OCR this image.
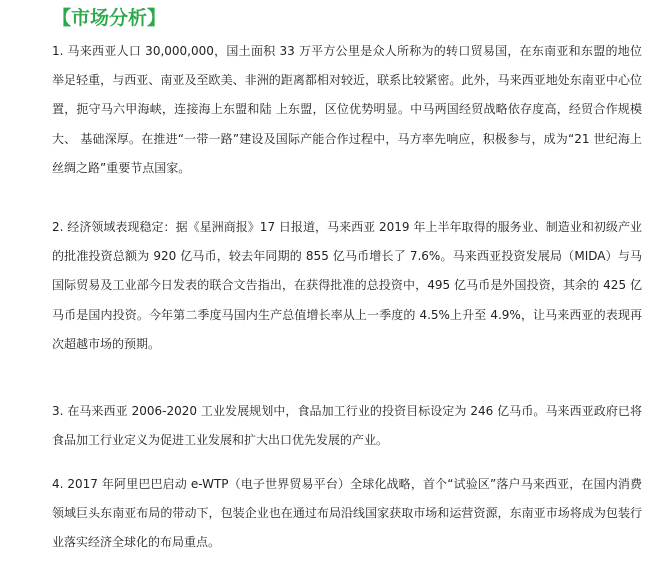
【市场分析】

1. 马来西亚人口 30,000,000，国土面积 33 万平方公里是众人所称为的转口贸易国，在东南亚和东盟的地位举足轻重，与西亚、南亚及至欧美、非洲的距离都相对较近，联系比较紧密。此外，马来西亚地处东南亚中心位置，扼守马六甲海峡，连接海上东盟和陆 上东盟，区位优势明显。中马两国经贸战略依存度高，经贸合作规模大、 基础深厚。在推进“一带一路”建设及国际产能合作过程中，马方率先响应，积极参与，成为“21 世纪海上丝绸之路”重要节点国家。

2. 经济领域表现稳定：据《星洲商报》17 日报道，马来西亚 2019 年上半年取得的服务业、制造业和初级产业的批准投资总额为 920 亿马币，较去年同期的 855 亿马币增长了 7.6%。马来西亚投资发展局（MIDA）与马国际贸易及工业部今日发表的联合文告指出，在获得批准的总投资中，495 亿马币是外国投资，其余的 425 亿马币是国内投资。今年第二季度马国内生产总值增长率从上一季度的 4.5%上升至 4.9%，让马来西亚的表现再次超越市场的预期。

3. 在马来西亚 2006-2020 工业发展规划中，食品加工行业的投资目标设定为 246 亿马币。马来西亚政府已将食品加工行业定义为促进工业发展和扩大出口优先发展的产业。

4. 2017 年阿里巴巴启动 e-WTP（电子世界贸易平台）全球化战略，首个“试验区”落户马来西亚，在国内消费领域巨头东南亚布局的带动下，包装企业也在通过布局沿线国家获取市场和运营资源，东南亚市场将成为包装行业落实经济全球化的布局重点。
